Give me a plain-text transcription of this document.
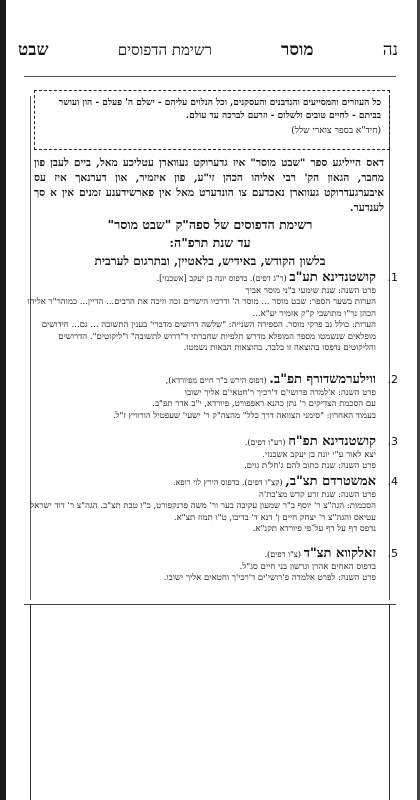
נה
מוסר
רשימת הדפוסים
שבט
כל העוזרים והמסייעים והנדבנים והעסקנים, וכל הנלוים עליהם - ישלם ה' פעלם - הון ועושר בביתם - לחיים טובים ולשלום - וזרעם לברכה עד עולם.
(חיד"א בספר צוארי שלל)
דאס הייליגע ספר "שבט מוסר" איז גדערוקט געווארן עטליכע מאל, ביים לעבן פון מחבר, הגאון הק' רבי אליהו הכהן זי"ע, פון איזמיר, און דערנאך איז עס איבערגעדרוקט געווארן נאכדעם צו הונדערט מאל אין פארשידענע זמנים אין א סך לענדער.
רשימת הדפוסים של ספה"ק "שבט מוסר"
עד שנת תרפ"ה:
בלשון הקודש, באידיש, בלאטיין, ובתרגום לערבית
1.

קושטנדינא תע"ב (ר"ג דפים). בדפוס יונה בן יעקב [אשכנזי].

פרט השנה: שנת שימעי ב"ני מוסר אביך

הערות בשער הספר: שבט מוסר ... מוסר ה' ודרכיו הישרים זכה וזיכה את הרבים... הדיין... כמוהר"ר אליהו הכהן נר"ו מתושבי ק"ק אזמיר יע"א...

הערות: כולל גב פרקי מוסר. הספירה השנייה: "שלשה דרושים מדברי' בענין התשובה ... גם... חידושים מופלאים שנשמטו מספר המופלא מדרש תלפיות שחברתי ד"דרוש לתשובה" ו"ליקוטים". הדרושים והליקוטים נדפסו בהוצאה זו בלבד. בהוצאות הבאות נשמטו.

2.

ווילערמשדורף תפ"ב. (דפוס הירש ב"ר חיים מפיורדא),

פרט השנה: א'למדה פרושי'ם ד'רכיך ר'חטאי'ם אליך ישובו

עם הסכמת הצדיקים ר' נתן כהנא ראפפורט, פיורדא, י"ב אדר תפ"ב.

בעמוד האחרון: "סימני הצוואה דרך כלל" מהצה"ק ר' ישעי' שעפטיל הורוויץ ז"ל.

3.

קושטנדינא תפ"ח (רע"ו דפים).

יצא לאור ע"י יונה בן יעקב אשכנזי.

פרט השנה: שנת כתוב להם ג'חל'ת גוים.

4.

אמשטרדם תצ"ב, (קצ"ו דפים). בדפוס הירץ לוי רופא.

פרט השנה: שנת זרע קדש מצ'בת'ה

הסכמות: הגה"צ ר' יוסף ב"ר שמעון עקיבה בער ור' משה פרנקפורט, כ"ו טבת תצ"ב. הגה"צ ר' דוד ישראל עטיאס והגה"צ ר' יצחק חיים ן' דנא ד' בדיבו, ט"ו תמוז תצ"א.

נדפס דף על דף על־פי פיורדא תקנ"א.

5.

זאלקווא תצ"ד (צ"ו דפים).

בדפוס האחים אהרן וגרשון בני חיים סג"ל.

פרט השנה: לפרט אלמדה פ'רושי'ים ד'רכי'ך וחטאים אליך ישובו.
